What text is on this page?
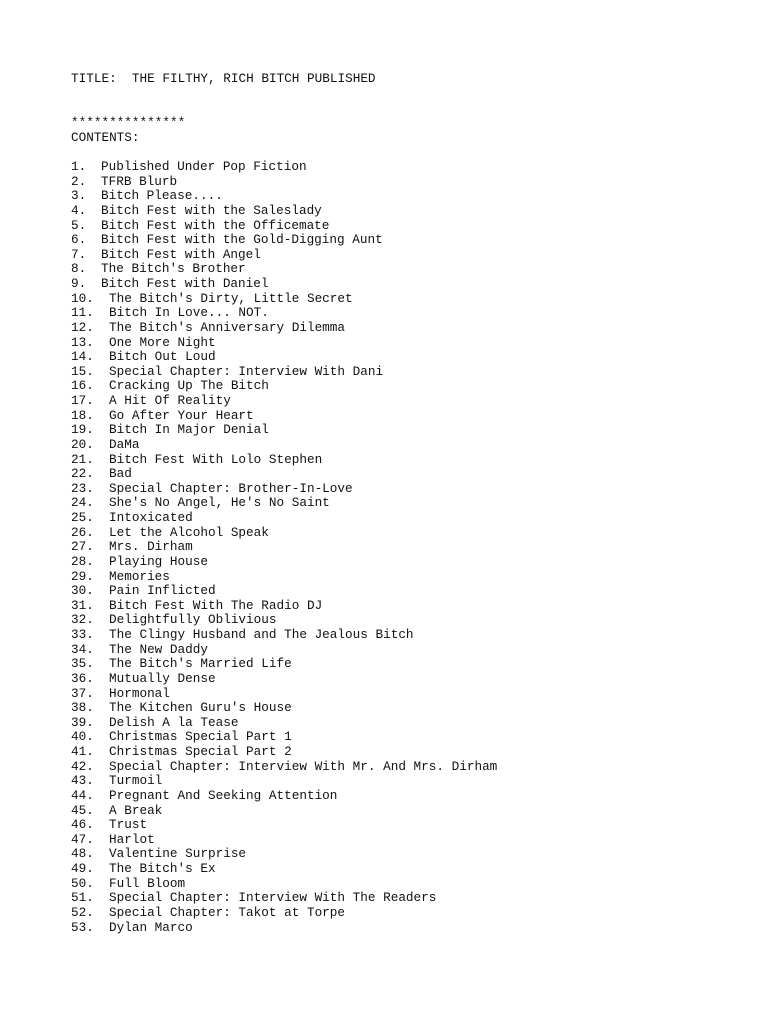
TITLE:  THE FILTHY, RICH BITCH PUBLISHED
***************
CONTENTS:
1.	Published Under Pop Fiction
2.	TFRB Blurb
3.	Bitch Please....
4.	Bitch Fest with the Saleslady
5.	Bitch Fest with the Officemate
6.	Bitch Fest with the Gold-Digging Aunt
7.	Bitch Fest with Angel
8.	The Bitch's Brother
9.	Bitch Fest with Daniel
10.	The Bitch's Dirty, Little Secret
11.	Bitch In Love... NOT.
12.	The Bitch's Anniversary Dilemma
13.	One More Night
14.	Bitch Out Loud
15.	Special Chapter: Interview With Dani
16.	Cracking Up The Bitch
17.	A Hit Of Reality
18.	Go After Your Heart
19.	Bitch In Major Denial
20.	DaMa
21.	Bitch Fest With Lolo Stephen
22.	Bad
23.	Special Chapter: Brother-In-Love
24.	She's No Angel, He's No Saint
25.	Intoxicated
26.	Let the Alcohol Speak
27.	Mrs. Dirham
28.	Playing House
29.	Memories
30.	Pain Inflicted
31.	Bitch Fest With The Radio DJ
32.	Delightfully Oblivious
33.	The Clingy Husband and The Jealous Bitch
34.	The New Daddy
35.	The Bitch's Married Life
36.	Mutually Dense
37.	Hormonal
38.	The Kitchen Guru's House
39.	Delish A la Tease
40.	Christmas Special Part 1
41.	Christmas Special Part 2
42.	Special Chapter: Interview With Mr. And Mrs. Dirham
43.	Turmoil
44.	Pregnant And Seeking Attention
45.	A Break
46.	Trust
47.	Harlot
48.	Valentine Surprise
49.	The Bitch's Ex
50.	Full Bloom
51.	Special Chapter: Interview With The Readers
52.	Special Chapter: Takot at Torpe
53.	Dylan Marco
